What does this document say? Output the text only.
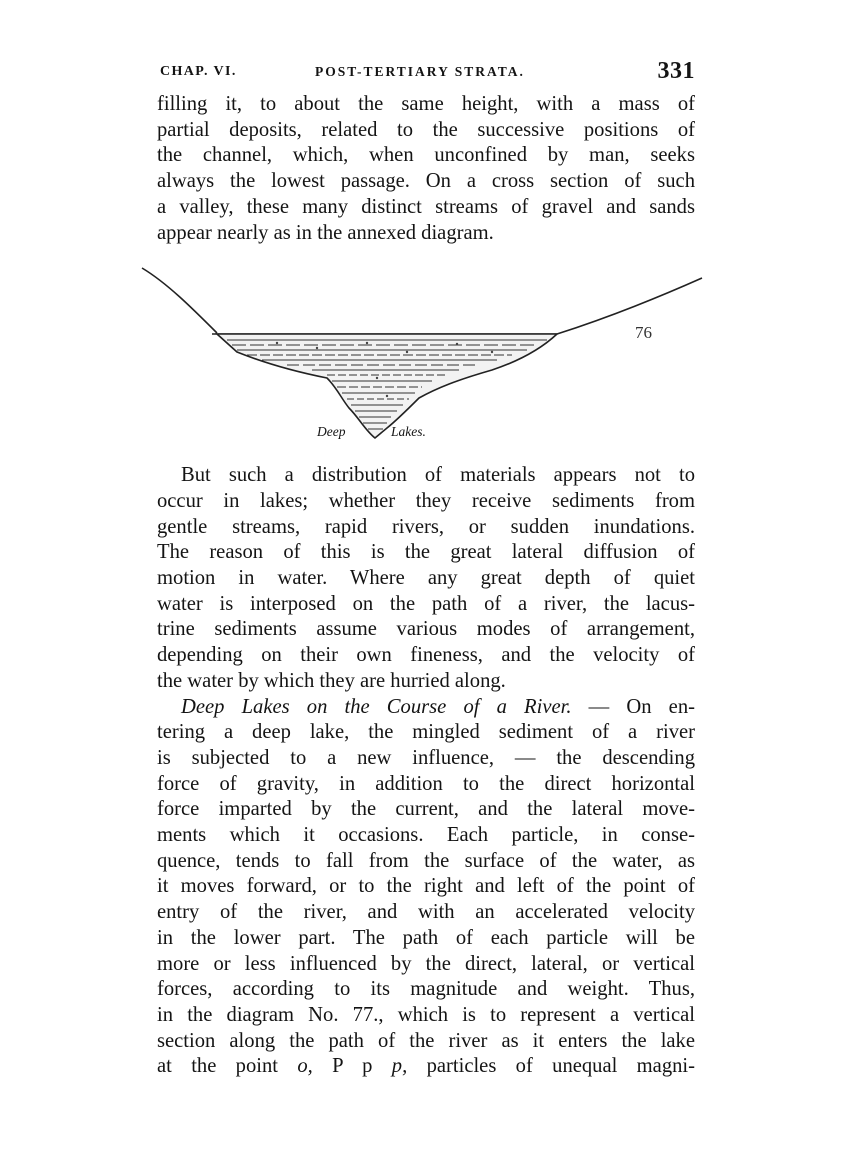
CHAP. VI.	POST-TERTIARY STRATA.	331
filling it, to about the same height, with a mass of
partial deposits, related to the successive positions of
the channel, which, when unconfined by man, seeks
always the lowest passage. On a cross section of such
a valley, these many distinct streams of gravel and sands
appear nearly as in the annexed diagram.
76
Deep	Lakes.
But such a distribution of materials appears not to
occur in lakes; whether they receive sediments from
gentle streams, rapid rivers, or sudden inundations.
The reason of this is the great lateral diffusion of
motion in water. Where any great depth of quiet
water is interposed on the path of a river, the lacus-
trine sediments assume various modes of arrangement,
depending on their own fineness, and the velocity of
the water by which they are hurried along.
Deep Lakes on the Course of a River. — On en-
tering a deep lake, the mingled sediment of a river
is subjected to a new influence, — the descending
force of gravity, in addition to the direct horizontal
force imparted by the current, and the lateral move-
ments which it occasions. Each particle, in conse-
quence, tends to fall from the surface of the water, as
it moves forward, or to the right and left of the point of
entry of the river, and with an accelerated velocity
in the lower part. The path of each particle will be
more or less influenced by the direct, lateral, or vertical
forces, according to its magnitude and weight. Thus,
in the diagram No. 77., which is to represent a vertical
section along the path of the river as it enters the lake
at the point o, P p p, particles of unequal magni-
